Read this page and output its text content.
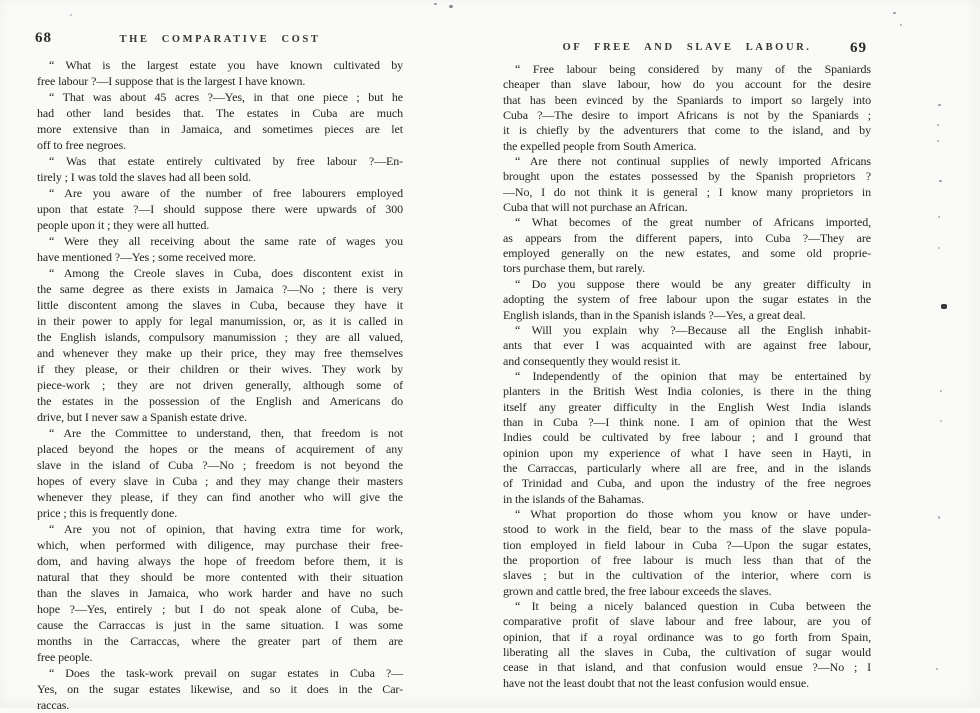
68	THE COMPARATIVE COST
“ What is the largest estate you have known cultivated by
free labour ?—I suppose that is the largest I have known.
“ That was about 45 acres ?—Yes, in that one piece ; but he
had other land besides that. The estates in Cuba are much
more extensive than in Jamaica, and sometimes pieces are let
off to free negroes.
“ Was that estate entirely cultivated by free labour ?—En-
tirely ; I was told the slaves had all been sold.
“ Are you aware of the number of free labourers employed
upon that estate ?—I should suppose there were upwards of 300
people upon it ; they were all hutted.
“ Were they all receiving about the same rate of wages you
have mentioned ?—Yes ; some received more.
“ Among the Creole slaves in Cuba, does discontent exist in
the same degree as there exists in Jamaica ?—No ; there is very
little discontent among the slaves in Cuba, because they have it
in their power to apply for legal manumission, or, as it is called in
the English islands, compulsory manumission ; they are all valued,
and whenever they make up their price, they may free themselves
if they please, or their children or their wives. They work by
piece-work ; they are not driven generally, although some of
the estates in the possession of the English and Americans do
drive, but I never saw a Spanish estate drive.
“ Are the Committee to understand, then, that freedom is not
placed beyond the hopes or the means of acquirement of any
slave in the island of Cuba ?—No ; freedom is not beyond the
hopes of every slave in Cuba ; and they may change their masters
whenever they please, if they can find another who will give the
price ; this is frequently done.
“ Are you not of opinion, that having extra time for work,
which, when performed with diligence, may purchase their free-
dom, and having always the hope of freedom before them, it is
natural that they should be more contented with their situation
than the slaves in Jamaica, who work harder and have no such
hope ?—Yes, entirely ; but I do not speak alone of Cuba, be-
cause the Carraccas is just in the same situation. I was some
months in the Carraccas, where the greater part of them are
free people.
“ Does the task-work prevail on sugar estates in Cuba ?—
Yes, on the sugar estates likewise, and so it does in the Car-
raccas.
OF FREE AND SLAVE LABOUR.	69
“ Free labour being considered by many of the Spaniards
cheaper than slave labour, how do you account for the desire
that has been evinced by the Spaniards to import so largely into
Cuba ?—The desire to import Africans is not by the Spaniards ;
it is chiefly by the adventurers that come to the island, and by
the expelled people from South America.
“ Are there not continual supplies of newly imported Africans
brought upon the estates possessed by the Spanish proprietors ?
—No, I do not think it is general ; I know many proprietors in
Cuba that will not purchase an African.
“ What becomes of the great number of Africans imported,
as appears from the different papers, into Cuba ?—They are
employed generally on the new estates, and some old proprie-
tors purchase them, but rarely.
“ Do you suppose there would be any greater difficulty in
adopting the system of free labour upon the sugar estates in the
English islands, than in the Spanish islands ?—Yes, a great deal.
“ Will you explain why ?—Because all the English inhabit-
ants that ever I was acquainted with are against free labour,
and consequently they would resist it.
“ Independently of the opinion that may be entertained by
planters in the British West India colonies, is there in the thing
itself any greater difficulty in the English West India islands
than in Cuba ?—I think none. I am of opinion that the West
Indies could be cultivated by free labour ; and I ground that
opinion upon my experience of what I have seen in Hayti, in
the Carraccas, particularly where all are free, and in the islands
of Trinidad and Cuba, and upon the industry of the free negroes
in the islands of the Bahamas.
“ What proportion do those whom you know or have under-
stood to work in the field, bear to the mass of the slave popula-
tion employed in field labour in Cuba ?—Upon the sugar estates,
the proportion of free labour is much less than that of the
slaves ; but in the cultivation of the interior, where corn is
grown and cattle bred, the free labour exceeds the slaves.
“ It being a nicely balanced question in Cuba between the
comparative profit of slave labour and free labour, are you of
opinion, that if a royal ordinance was to go forth from Spain,
liberating all the slaves in Cuba, the cultivation of sugar would
cease in that island, and that confusion would ensue ?—No ; I
have not the least doubt that not the least confusion would ensue.
